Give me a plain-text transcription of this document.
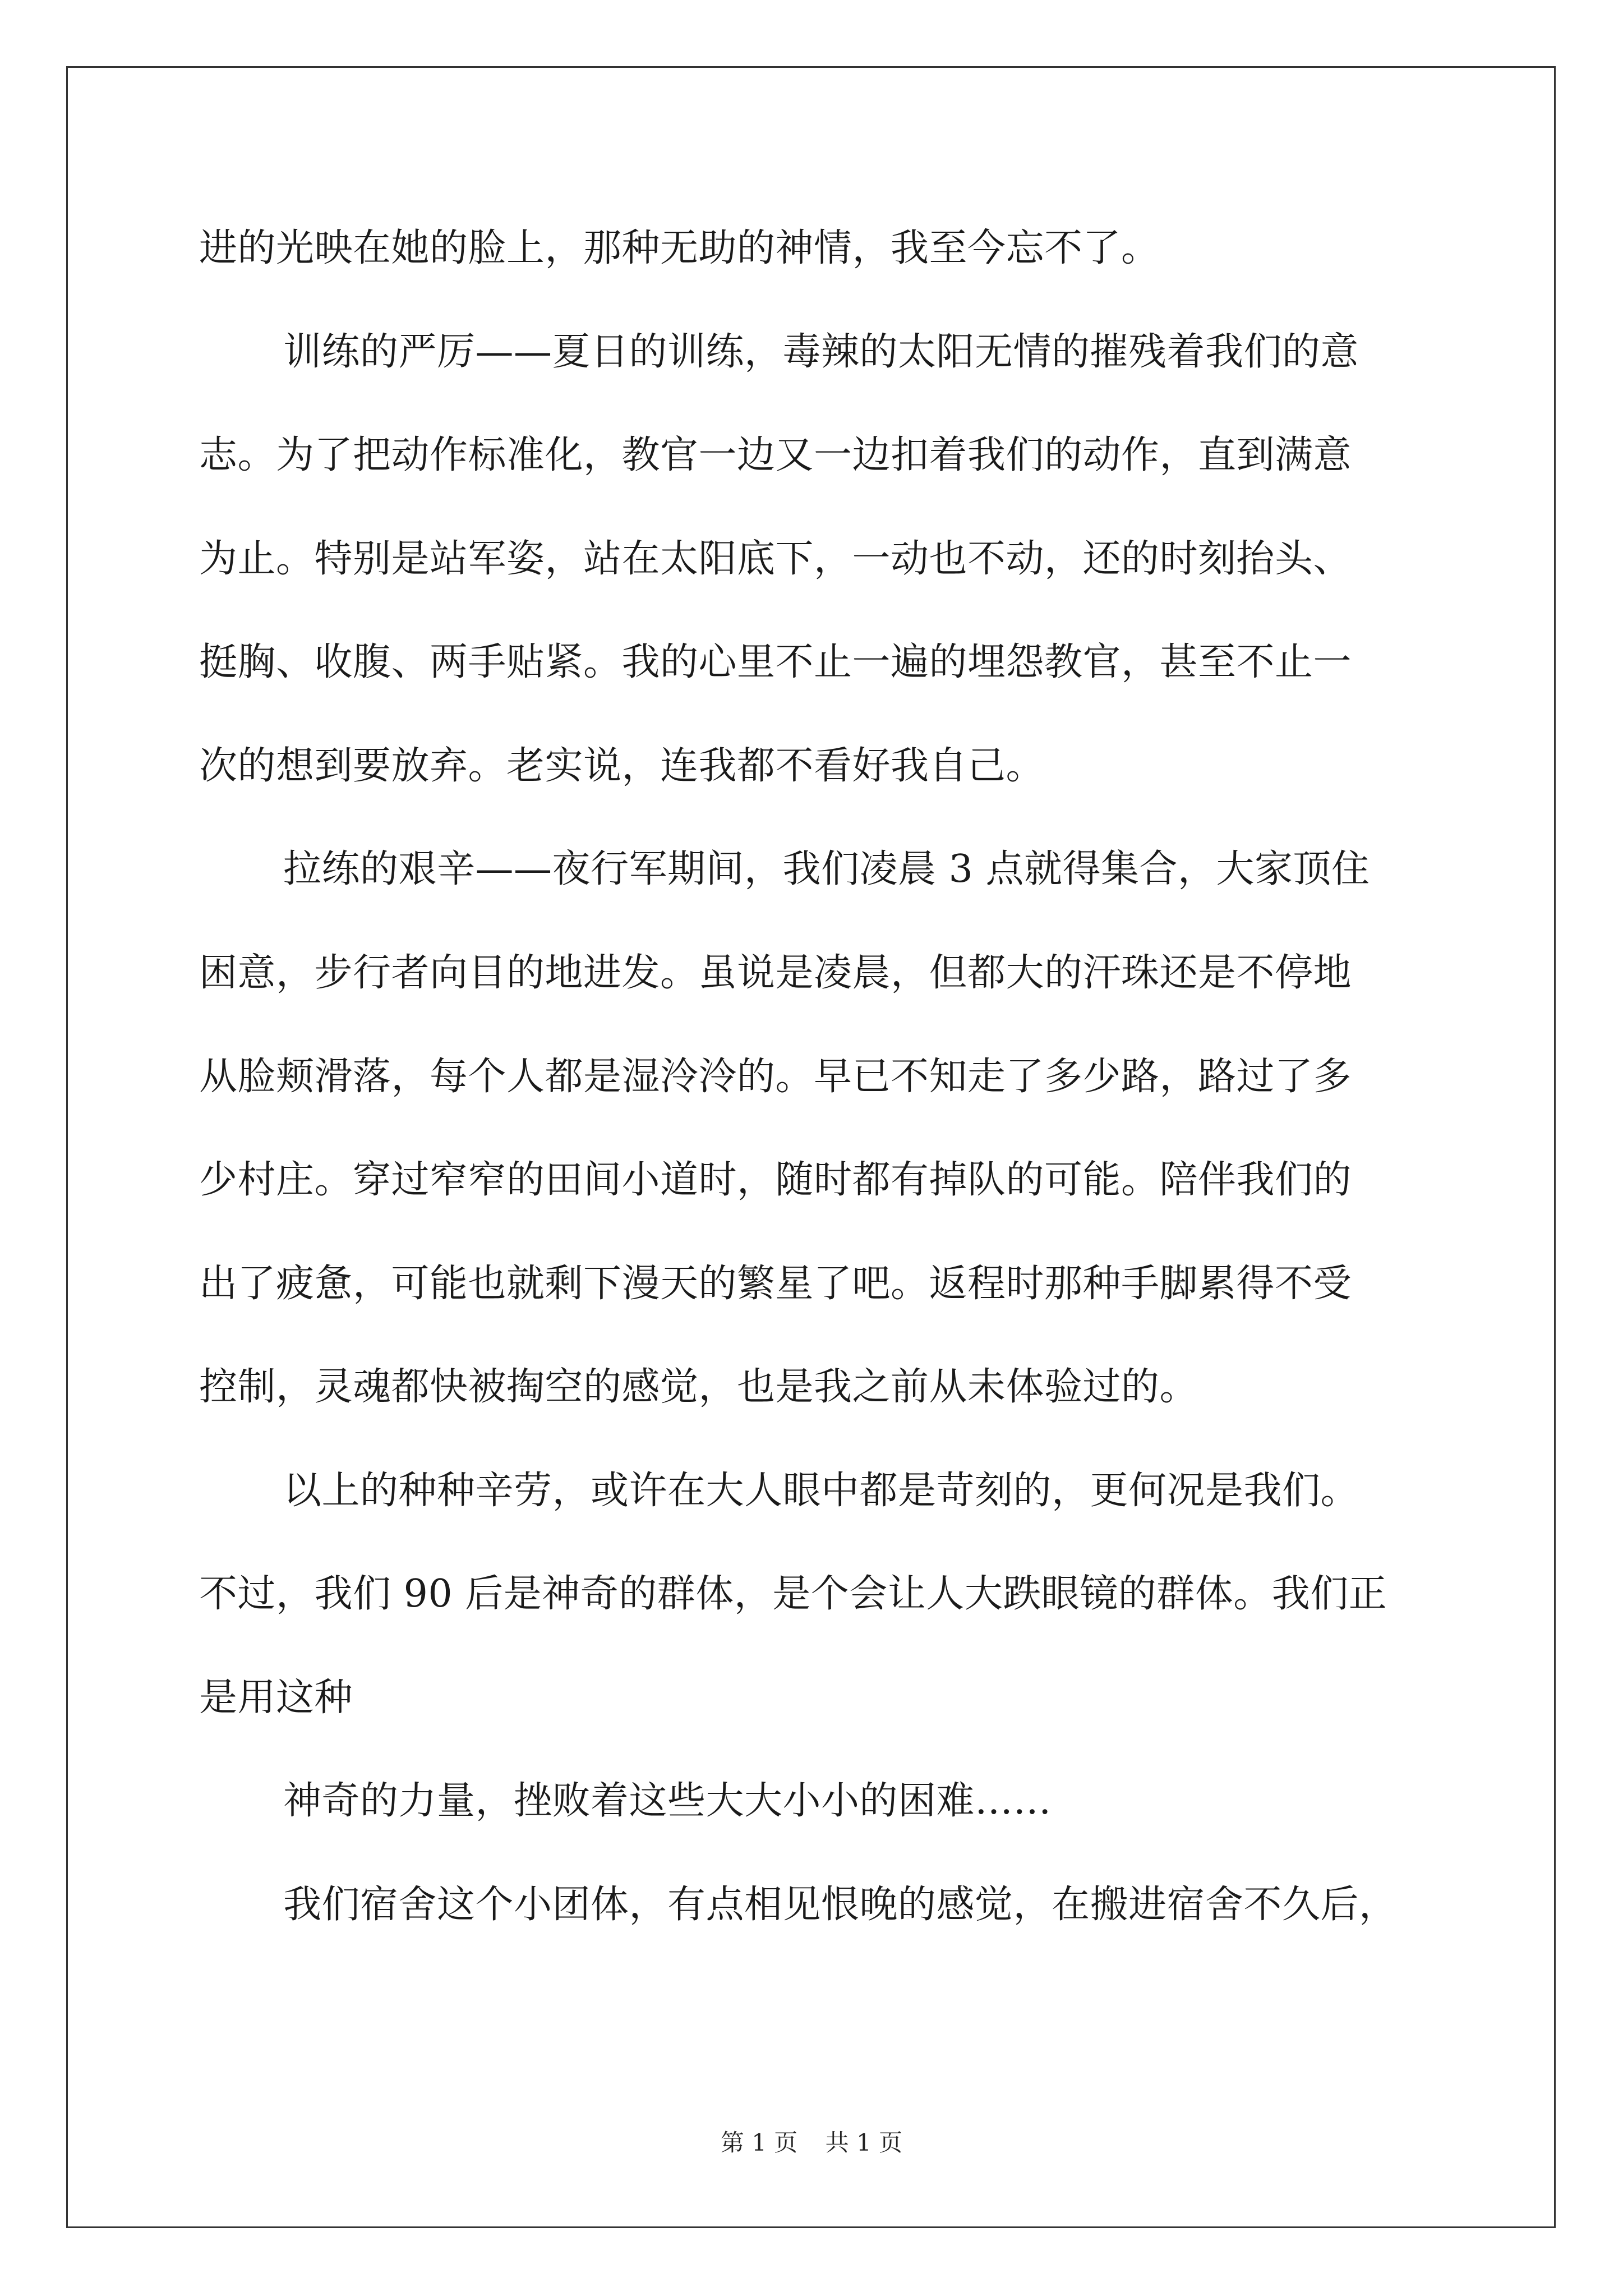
进的光映在她的脸上，那种无助的神情，我至今忘不了。
训练的严厉——夏日的训练，毒辣的太阳无情的摧残着我们的意
志。为了把动作标准化，教官一边又一边扣着我们的动作，直到满意
为止。特别是站军姿，站在太阳底下，一动也不动，还的时刻抬头、
挺胸、收腹、两手贴紧。我的心里不止一遍的埋怨教官，甚至不止一
次的想到要放弃。老实说，连我都不看好我自己。
拉练的艰辛——夜行军期间，我们凌晨 3 点就得集合，大家顶住
困意，步行者向目的地进发。虽说是凌晨，但都大的汗珠还是不停地
从脸颊滑落，每个人都是湿泠泠的。早已不知走了多少路，路过了多
少村庄。穿过窄窄的田间小道时，随时都有掉队的可能。陪伴我们的
出了疲惫，可能也就剩下漫天的繁星了吧。返程时那种手脚累得不受
控制，灵魂都快被掏空的感觉，也是我之前从未体验过的。
以上的种种辛劳，或许在大人眼中都是苛刻的，更何况是我们。
不过，我们 90 后是神奇的群体，是个会让人大跌眼镜的群体。我们正
是用这种
神奇的力量，挫败着这些大大小小的困难……
我们宿舍这个小团体，有点相见恨晚的感觉，在搬进宿舍不久后，
第 1 页 共 1 页
